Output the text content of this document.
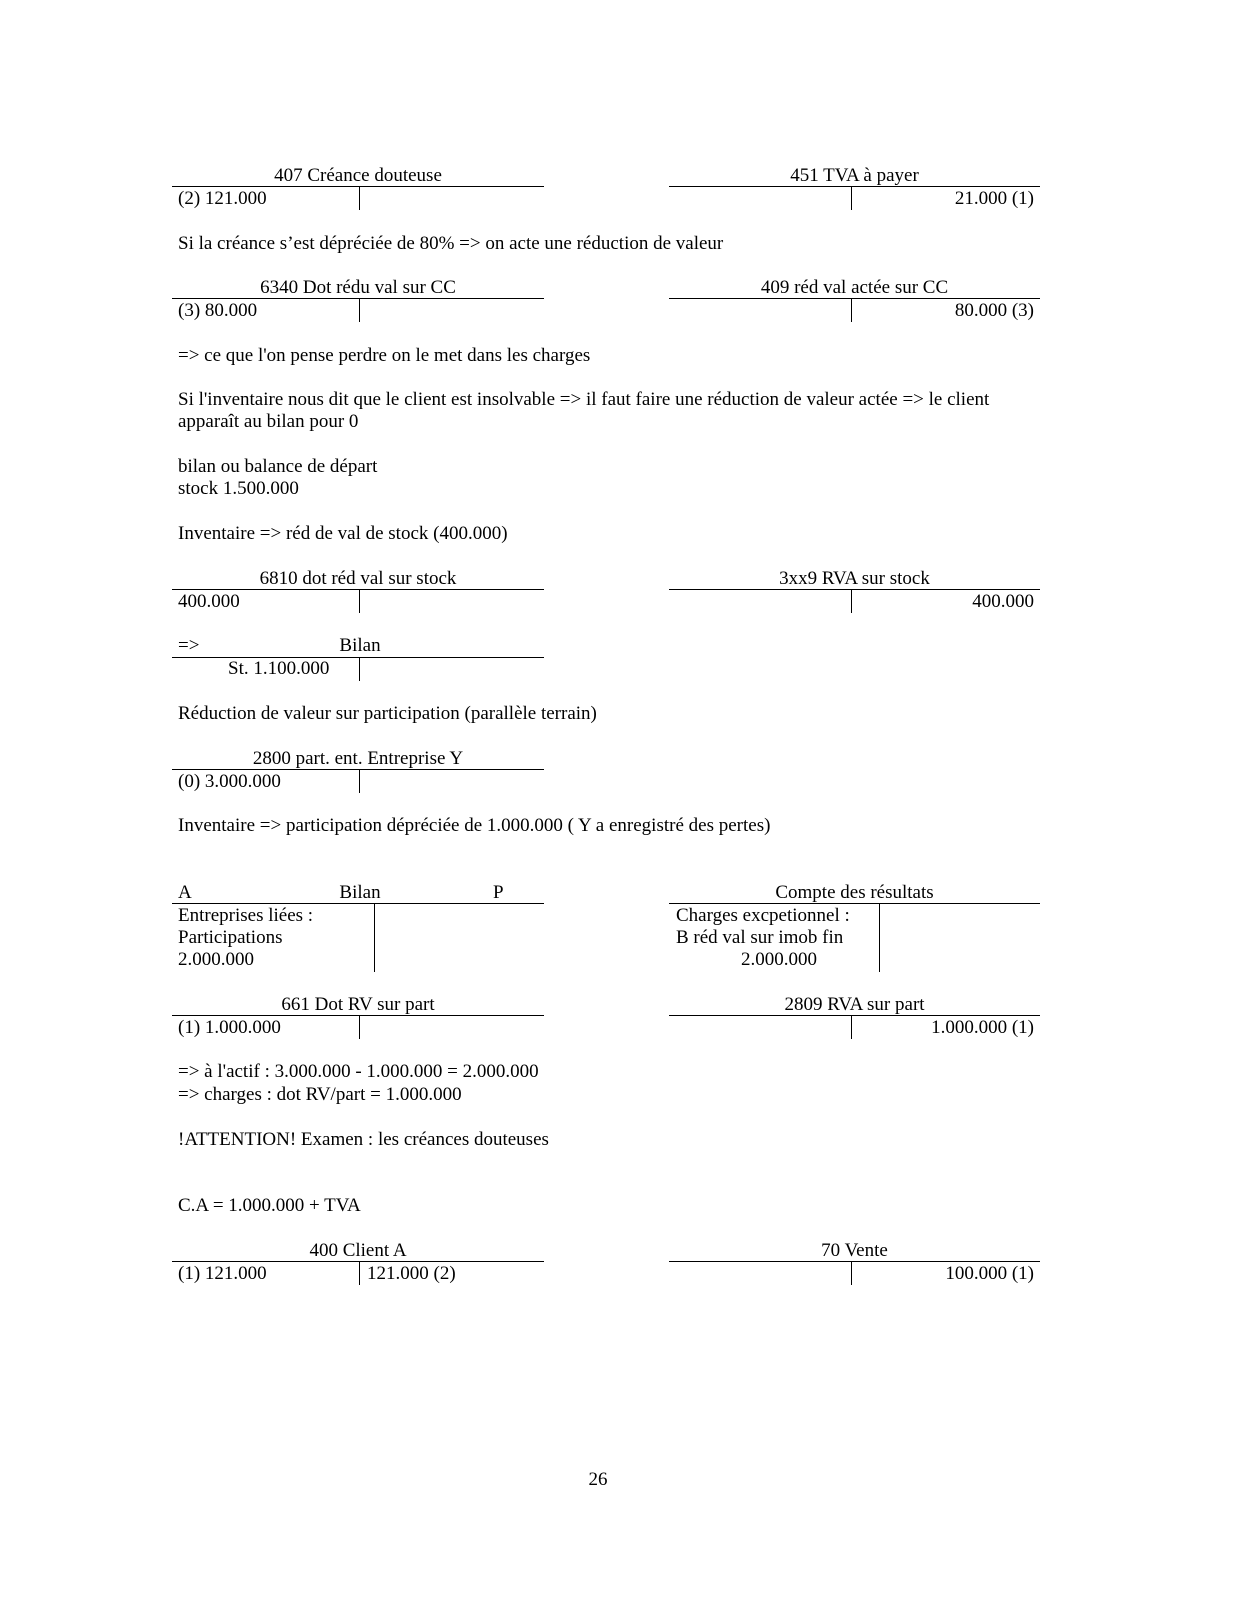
407 Créance douteuse
(2) 121.000
451 TVA à payer
21.000 (1)
Si la créance s’est dépréciée de 80% => on acte une réduction de valeur
6340 Dot rédu val sur CC
(3) 80.000
409 réd val actée sur CC
80.000 (3)
=> ce que l'on pense perdre on le met dans les charges
Si l'inventaire nous dit que le client est insolvable => il faut faire une réduction de valeur actée => le client
apparaît au bilan pour 0
bilan ou balance de départ
stock 1.500.000
Inventaire => réd de val de stock (400.000)
6810 dot réd val sur stock
400.000
3xx9 RVA sur stock
400.000
=>	Bilan
St. 1.100.000
Réduction de valeur sur participation (parallèle terrain)
2800 part. ent. Entreprise Y
(0) 3.000.000
Inventaire => participation dépréciée de 1.000.000 ( Y a enregistré des pertes)
A	Bilan	P
Entreprises liées :
Participations
2.000.000
Compte des résultats
Charges excpetionnel :
B réd val sur imob fin
2.000.000
661 Dot RV sur part
(1) 1.000.000
2809 RVA sur part
1.000.000 (1)
=> à l'actif : 3.000.000 - 1.000.000 = 2.000.000
=> charges : dot RV/part = 1.000.000
!ATTENTION! Examen : les créances douteuses
C.A = 1.000.000 + TVA
400 Client A
(1) 121.000	121.000 (2)
70 Vente
100.000 (1)
26
